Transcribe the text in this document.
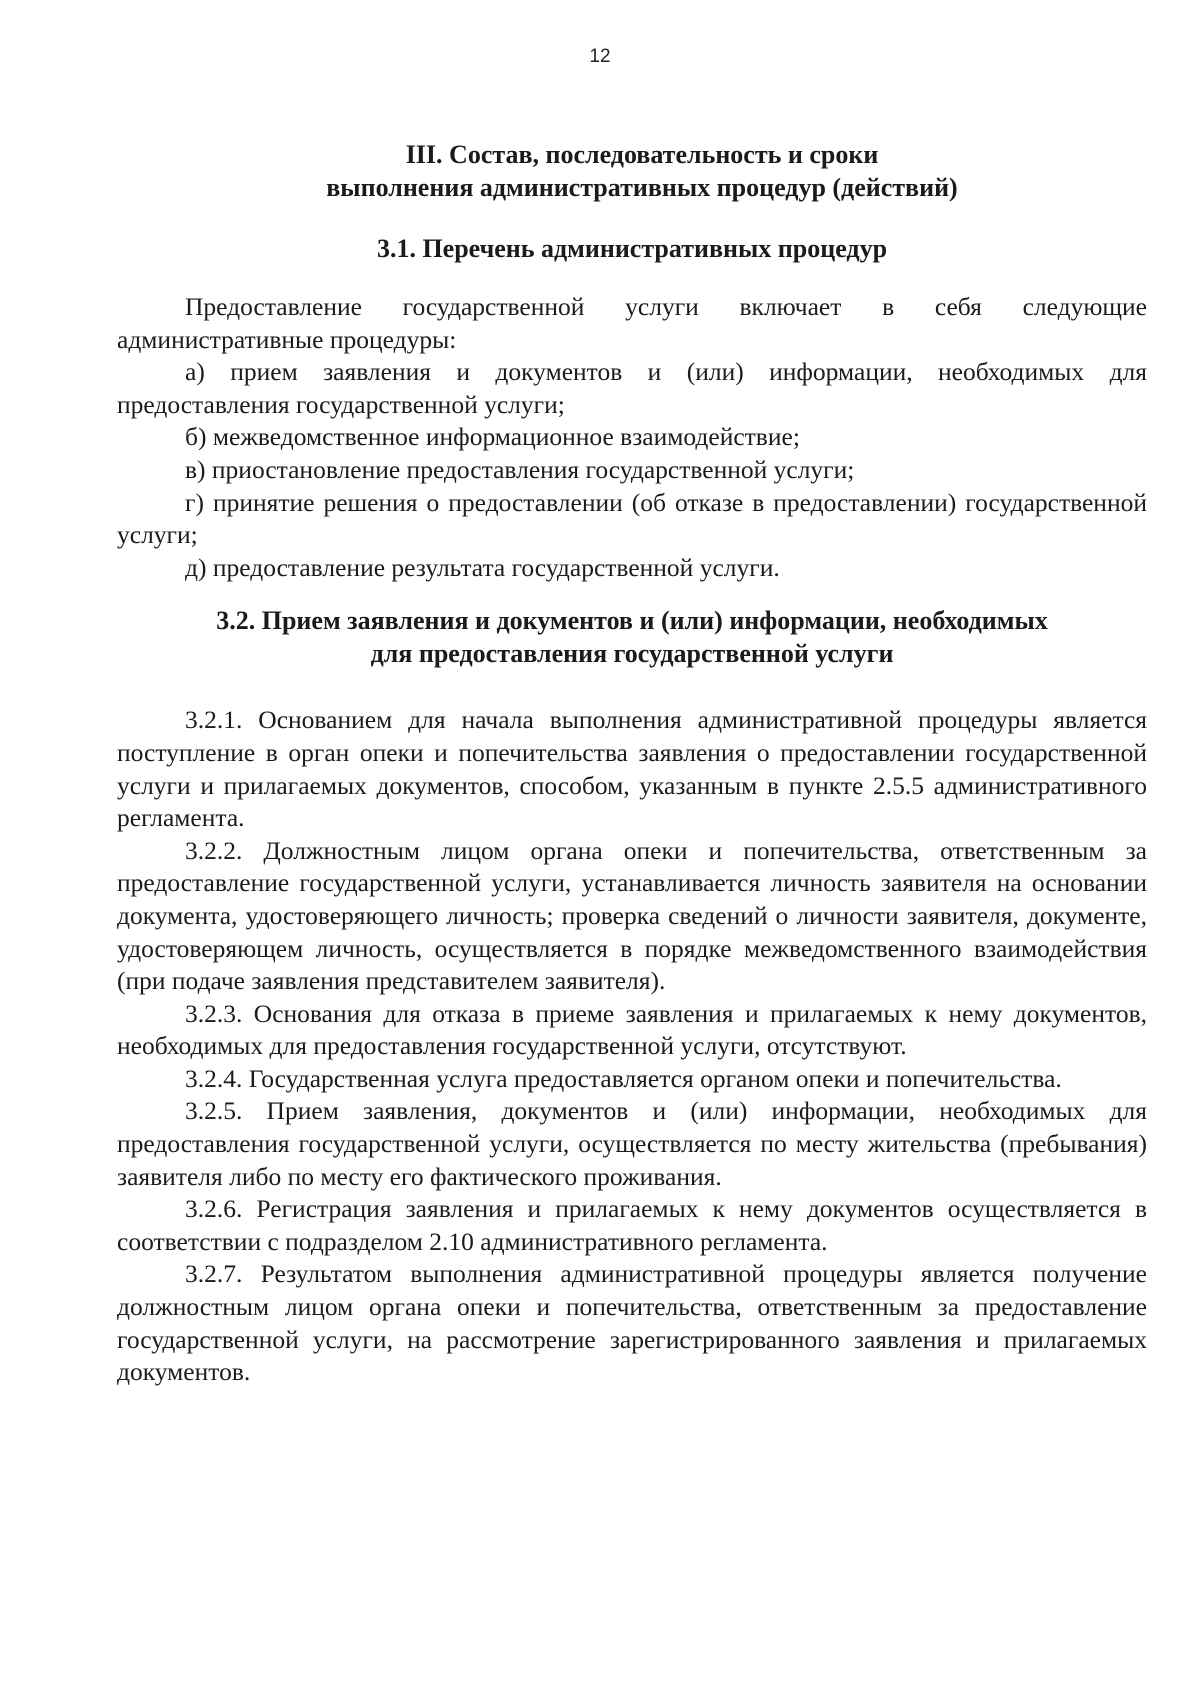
12
III. Состав, последовательность и сроки
выполнения административных процедур (действий)
3.1. Перечень административных процедур

Предоставление государственной услуги включает в себя следующие административные процедуры:

а) прием заявления и документов и (или) информации, необходимых для предоставления государственной услуги;

б) межведомственное информационное взаимодействие;

в) приостановление предоставления государственной услуги;

г) принятие решения о предоставлении (об отказе в предоставлении) государственной услуги;

д) предоставление результата государственной услуги.

3.2. Прием заявления и документов и (или) информации, необходимых
для предоставления государственной услуги

3.2.1. Основанием для начала выполнения административной процедуры является поступление в орган опеки и попечительства заявления о предоставлении государственной услуги и прилагаемых документов, способом, указанным в пункте 2.5.5 административного регламента.

3.2.2. Должностным лицом органа опеки и попечительства, ответственным за предоставление государственной услуги, устанавливается личность заявителя на основании документа, удостоверяющего личность; проверка сведений о личности заявителя, документе, удостоверяющем личность, осуществляется в порядке межведомственного взаимодействия (при подаче заявления представителем заявителя).

3.2.3. Основания для отказа в приеме заявления и прилагаемых к нему документов, необходимых для предоставления государственной услуги, отсутствуют.

3.2.4. Государственная услуга предоставляется органом опеки и попечительства.

3.2.5. Прием заявления, документов и (или) информации, необходимых для предоставления государственной услуги, осуществляется по месту жительства (пребывания) заявителя либо по месту его фактического проживания.

3.2.6. Регистрация заявления и прилагаемых к нему документов осуществляется в соответствии с подразделом 2.10 административного регламента.

3.2.7. Результатом выполнения административной процедуры является получение должностным лицом органа опеки и попечительства, ответственным за предоставление государственной услуги, на рассмотрение зарегистрированного заявления и прилагаемых документов.
